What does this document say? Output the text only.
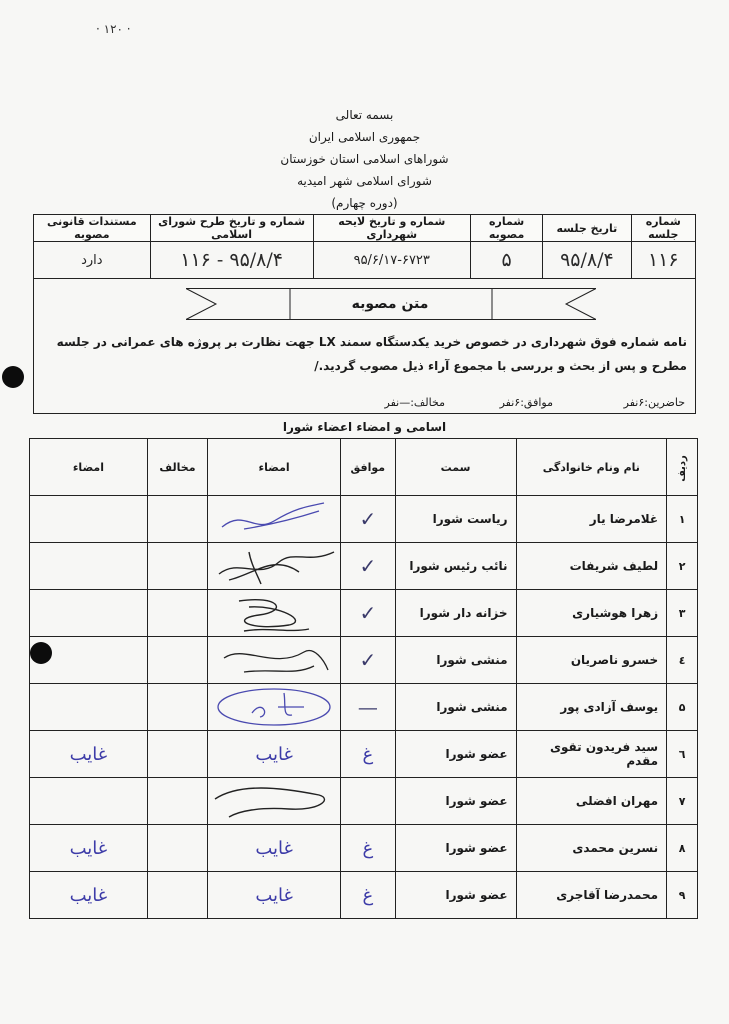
· ١٢٠ ·
بسمه تعالی
جمهوری اسلامی ایران
شوراهای اسلامی استان خوزستان
شورای اسلامی شهر امیدیه
(دوره چهارم)
شماره جلسه	تاریخ جلسه	شماره مصوبه	شماره و تاریخ لایحه شهرداری	شماره و تاریخ طرح شورای اسلامی	مستندات قانونی مصوبه
۱۱۶	۹۵/۸/۴	۵	۹۵/۶/۱۷-۶۷۲۳	۹۵/۸/۴ - ۱۱۶	دارد
متن مصوبه
نامه شماره فوق شهرداری در خصوص خرید یکدستگاه سمند LX جهت نظارت بر پروژه های عمرانی در جلسه مطرح و پس از بحث و بررسی با مجموع آراء ذیل مصوب گردید./
حاضرین:۶نفر
موافق:۶نفر
مخالف:—نفر
اسامی و امضاء اعضاء شورا
ردیف	نام ونام خانوادگی	سمت	موافق	امضاء	مخالف	امضاء
۱	غلامرضا یار	ریاست شورا	✓	

۲	لطیف شریفات	نائب رئیس شورا	✓	

۳	زهرا هوشیاری	خزانه دار شورا	✓	

٤	خسرو ناصریان	منشی شورا	✓	

۵	یوسف آزادی پور	منشی شورا	—	

٦	سید فریدون تقوی مقدم	عضو شورا	غ	غایب		غایب
۷	مهران افضلی	عضو شورا		

۸	نسرین محمدی	عضو شورا	غ	غایب		غایب
۹	محمدرضا آقاجری	عضو شورا	غ	غایب		غایب
